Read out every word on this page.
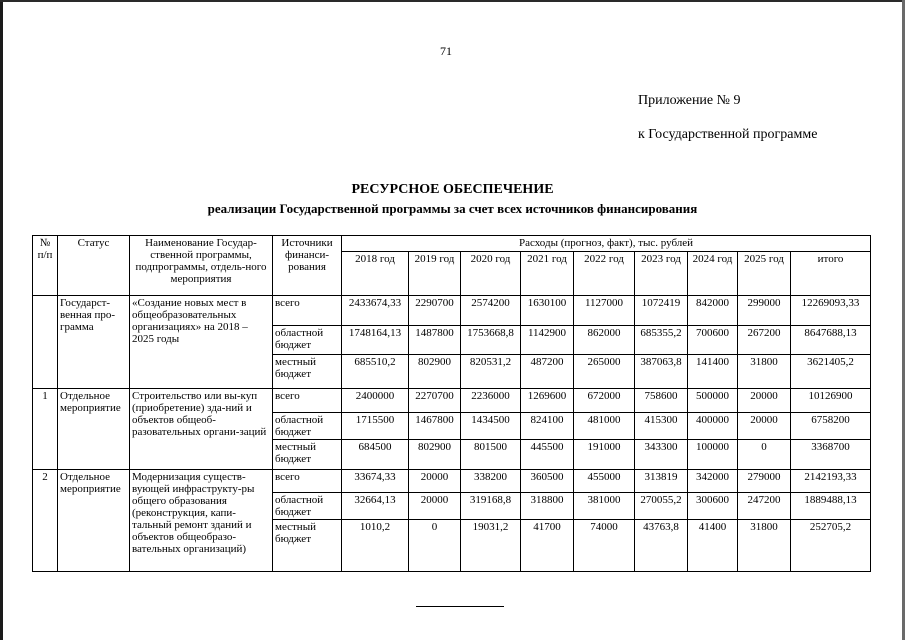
71
Приложение № 9
к Государственной программе
РЕСУРСНОЕ ОБЕСПЕЧЕНИЕ
реализации Государственной программы за счет всех источников финансирования
№ п/п	Статус	Наименование Государ-ственной программы, подпрограммы, отдель-ного мероприятия	Источники финанси-рования	Расходы (прогноз, факт), тыс. рублей								
				2018 год	2019 год	2020 год	2021 год	2022 год	2023 год	2024 год	2025 год	итого
	Государст-венная про-грамма	«Создание новых мест в общеобразовательных организациях» на 2018 – 2025 годы	всего	2433674,33	2290700	2574200	1630100	1127000	1072419	842000	299000	12269093,33
			областной бюджет	1748164,13	1487800	1753668,8	1142900	862000	685355,2	700600	267200	8647688,13
			местный бюджет	685510,2	802900	820531,2	487200	265000	387063,8	141400	31800	3621405,2
1	Отдельное мероприятие	Строительство или вы-куп (приобретение) зда-ний и объектов общеоб-разовательных органи-заций	всего	2400000	2270700	2236000	1269600	672000	758600	500000	20000	10126900
			областной бюджет	1715500	1467800	1434500	824100	481000	415300	400000	20000	6758200
			местный бюджет	684500	802900	801500	445500	191000	343300	100000	0	3368700
2	Отдельное мероприятие	Модернизация существ-вующей инфраструкту-ры общего образования (реконструкция, капи-тальный ремонт зданий и объектов общеобразо-вательных организаций)	всего	33674,33	20000	338200	360500	455000	313819	342000	279000	2142193,33
			областной бюджет	32664,13	20000	319168,8	318800	381000	270055,2	300600	247200	1889488,13
			местный бюджет	1010,2	0	19031,2	41700	74000	43763,8	41400	31800	252705,2
